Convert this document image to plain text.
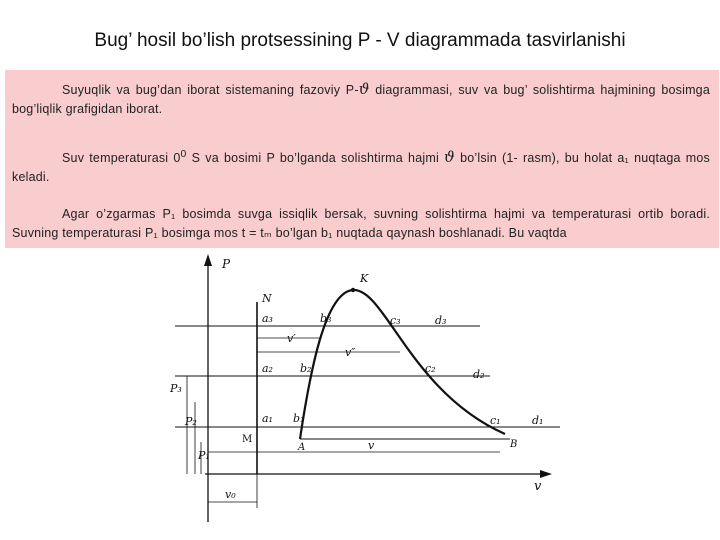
Bug’ hosil bo’lish protsessining P - V diagrammada tasvirlanishi
Suyuqlik va bug’dan iborat sistemaning fazoviy P-ϑ diagrammasi, suv va bug’ solishtirma hajmining bosimga bog’liqlik grafigidan iborat.
Suv temperaturasi $0^0$ S va bosimi P bo’lganda solishtirma hajmi ϑ bo’lsin (1- rasm), bu holat a₁ nuqtaga mos keladi.
Agar o’zgarmas P₁ bosimda suvga issiqlik bersak, suvning solishtirma hajmi va temperaturasi ortib boradi. Suvning temperaturasi P₁ bosimga mos t = tₘ bo’lgan b₁ nuqtada qaynash boshlanadi. Bu vaqtda
P
v
N
K
A	B
a₃	b₃	c₃	d₃
a₂ b₂	c₂	d₂
a₁ b₁	c₁	d₁
v′
v″
M	v
P₃
P₂
P₁
v₀
